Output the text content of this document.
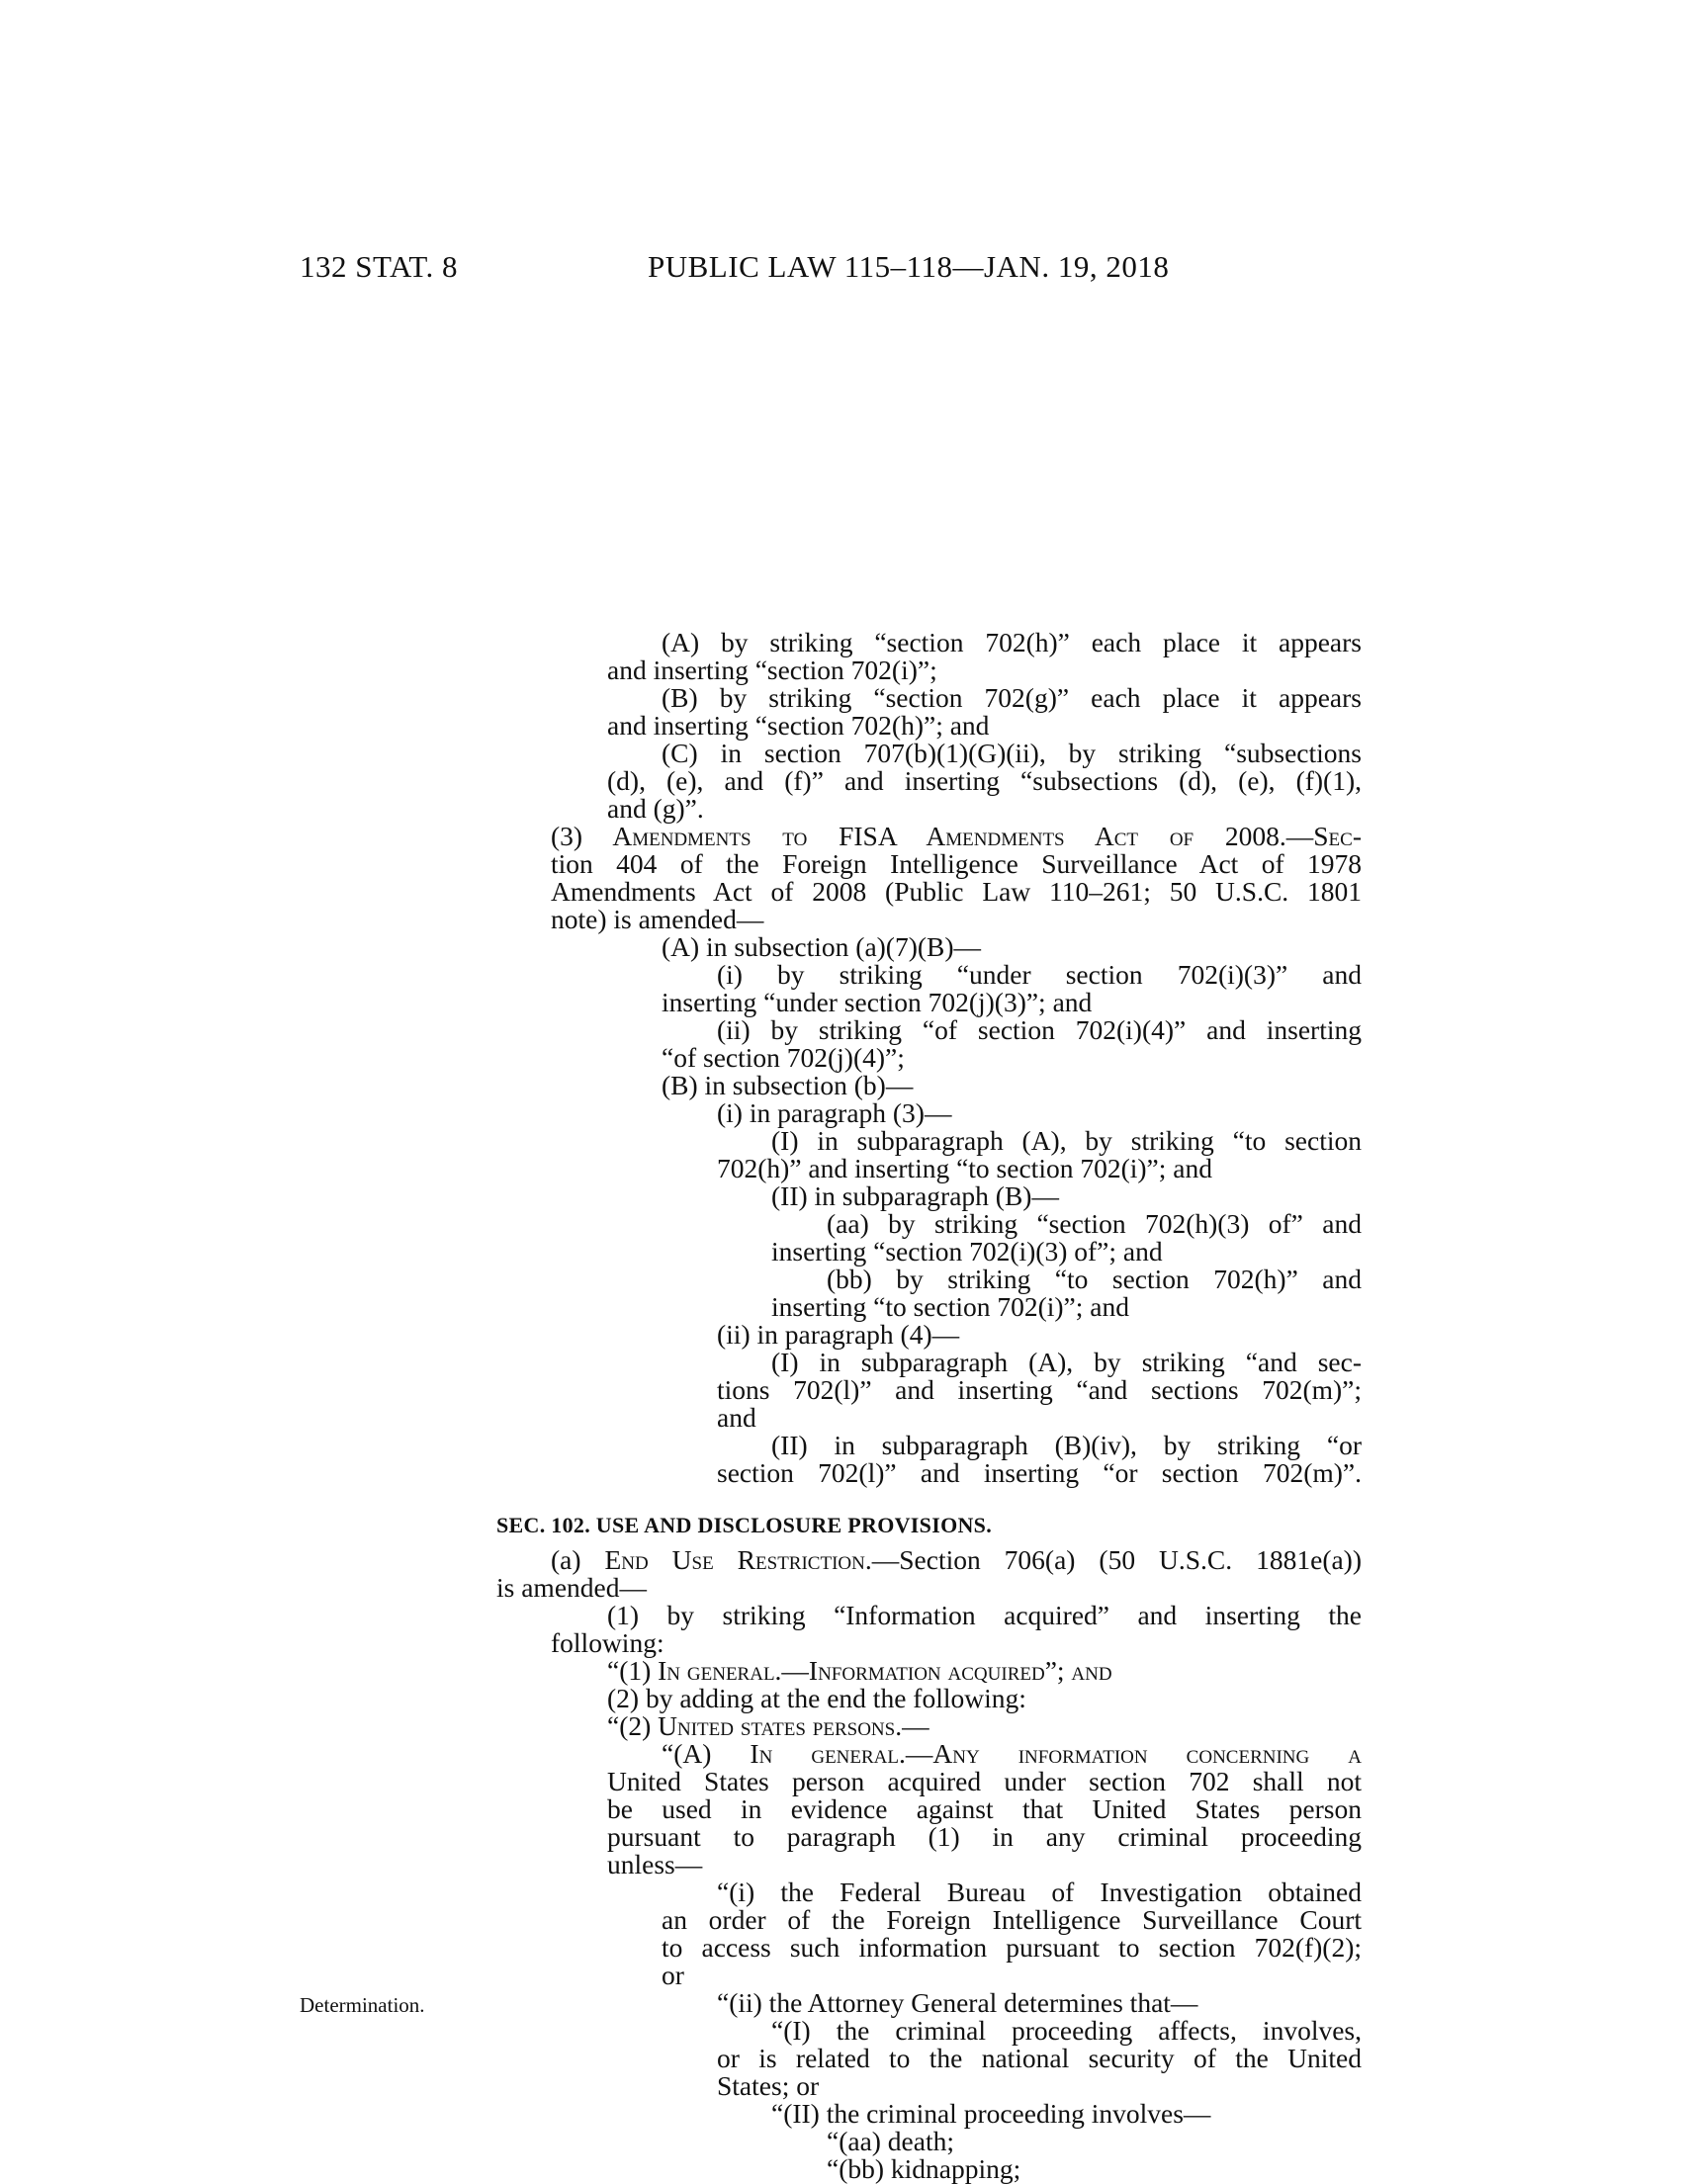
132 STAT. 8	PUBLIC LAW 115–118—JAN. 19, 2018
(A) by striking “section 702(h)” each place it appears
and inserting “section 702(i)”;
(B) by striking “section 702(g)” each place it appears
and inserting “section 702(h)”; and
(C) in section 707(b)(1)(G)(ii), by striking “subsections
(d), (e), and (f)” and inserting “subsections (d), (e), (f)(1),
and (g)”.
(3) Amendments to FISA Amendments Act of 2008.—Sec-
tion 404 of the Foreign Intelligence Surveillance Act of 1978
Amendments Act of 2008 (Public Law 110–261; 50 U.S.C. 1801
note) is amended—
(A) in subsection (a)(7)(B)—
(i) by striking “under section 702(i)(3)” and
inserting “under section 702(j)(3)”; and
(ii) by striking “of section 702(i)(4)” and inserting
“of section 702(j)(4)”;
(B) in subsection (b)—
(i) in paragraph (3)—
(I) in subparagraph (A), by striking “to section
702(h)” and inserting “to section 702(i)”; and
(II) in subparagraph (B)—
(aa) by striking “section 702(h)(3) of” and
inserting “section 702(i)(3) of”; and
(bb) by striking “to section 702(h)” and
inserting “to section 702(i)”; and
(ii) in paragraph (4)—
(I) in subparagraph (A), by striking “and sec-
tions 702(l)” and inserting “and sections 702(m)”;
and
(II) in subparagraph (B)(iv), by striking “or
section 702(l)” and inserting “or section 702(m)”.
SEC. 102. USE AND DISCLOSURE PROVISIONS.
(a) End Use Restriction.—Section 706(a) (50 U.S.C. 1881e(a))
is amended—
(1) by striking “Information acquired” and inserting the
following:
“(1) In general.—Information acquired”; and
(2) by adding at the end the following:
“(2) United states persons.—
“(A) In general.—Any information concerning a
United States person acquired under section 702 shall not
be used in evidence against that United States person
pursuant to paragraph (1) in any criminal proceeding
unless—
“(i) the Federal Bureau of Investigation obtained
an order of the Foreign Intelligence Surveillance Court
to access such information pursuant to section 702(f)(2);
or
Determination.	“(ii) the Attorney General determines that—
“(I) the criminal proceeding affects, involves,
or is related to the national security of the United
States; or
“(II) the criminal proceeding involves—
“(aa) death;
“(bb) kidnapping;
